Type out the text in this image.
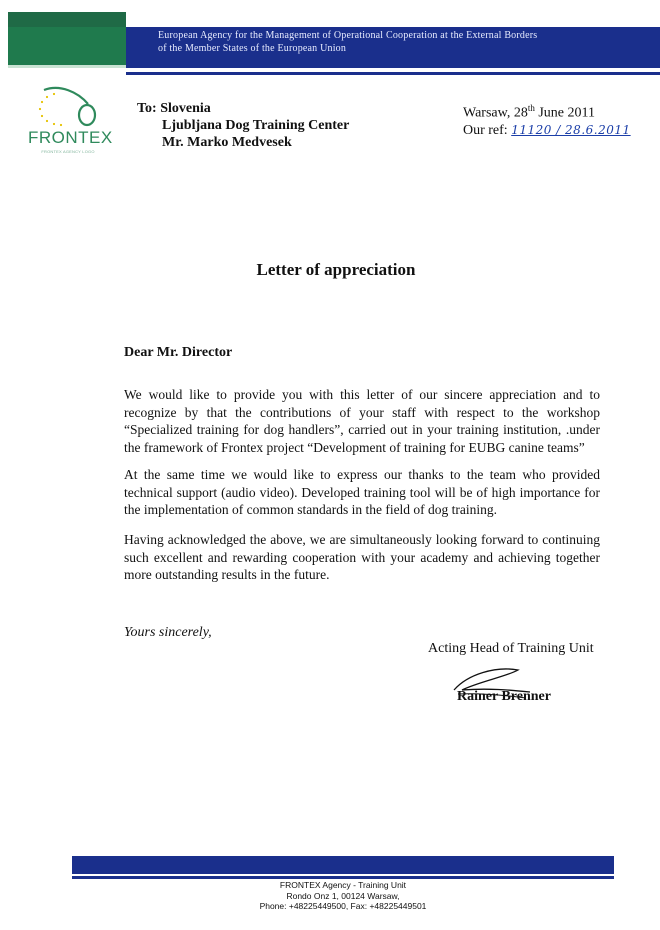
European Agency for the Management of Operational Cooperation at the External Borders
of the Member States of the European Union
FRONTEX
FRONTEX AGENCY LOGO
To: Slovenia
Ljubljana Dog Training Center
Mr. Marko Medvesek
Warsaw, 28th June 2011
Our ref: 11120 / 28.6.2011
Letter of appreciation
Dear Mr. Director

We would like to provide you with this letter of our sincere appreciation and to recognize by that the contributions of your staff with respect to the workshop “Specialized training for dog handlers”, carried out in your training institution, .under the framework of Frontex project “Development of training for EUBG canine teams”

At the same time we would like to express our thanks to the team who provided technical support (audio video). Developed training tool will be of high importance for the implementation of common standards in the field of dog training.

Having acknowledged the above, we are simultaneously looking forward to continuing such excellent and rewarding cooperation with your academy and achieving together more outstanding results in the future.

Yours sincerely,
Acting Head of Training Unit
Rainer Brenner
FRONTEX Agency - Training Unit
Rondo Onz 1, 00124 Warsaw,
Phone: +48225449500, Fax: +48225449501
